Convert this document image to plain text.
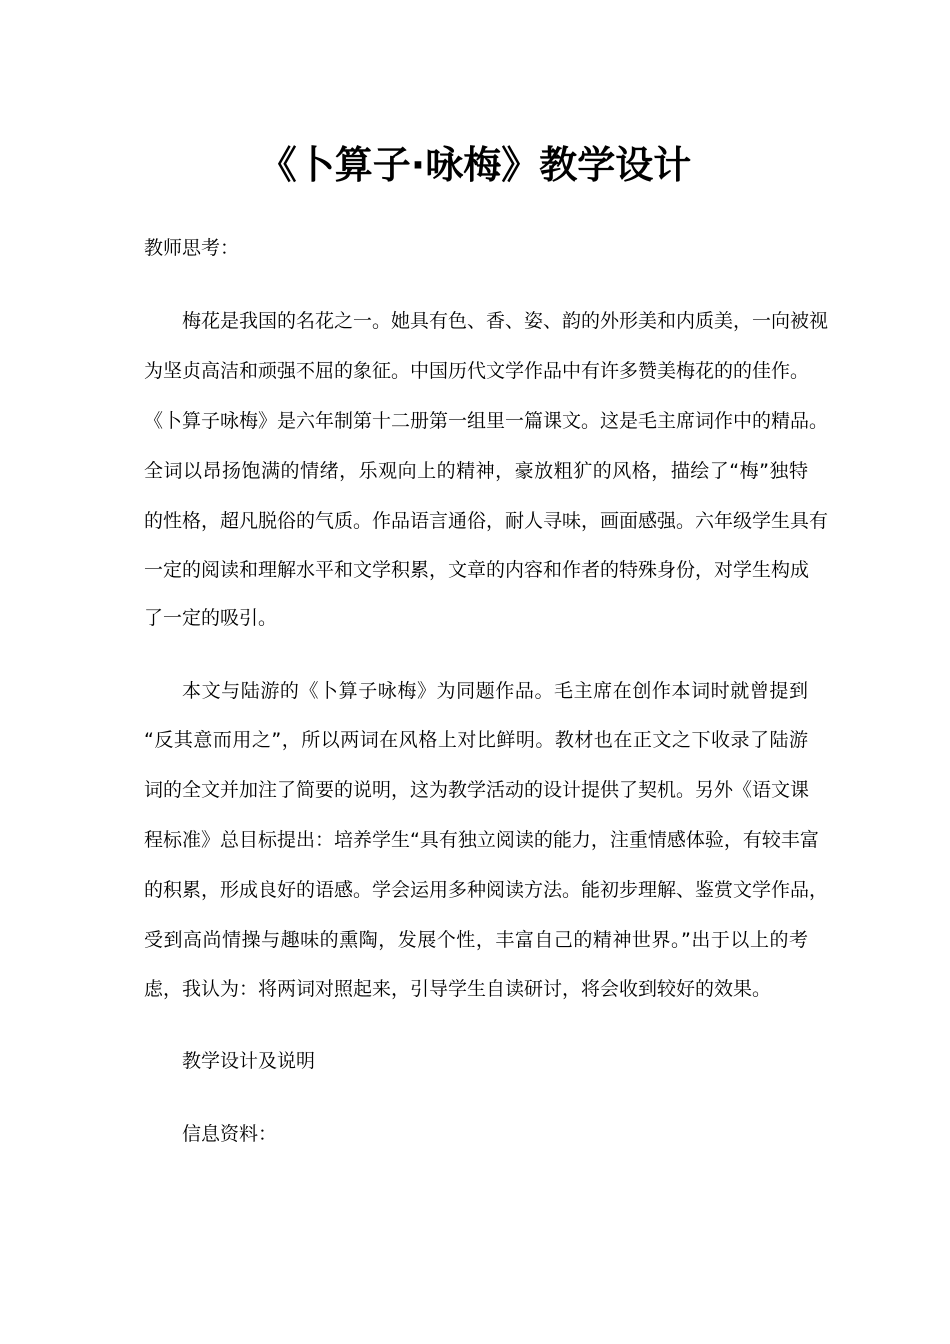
《卜算子·咏梅》教学设计

教师思考：

梅花是我国的名花之一。她具有色、香、姿、韵的外形美和内质美，一向被视

为坚贞高洁和顽强不屈的象征。中国历代文学作品中有许多赞美梅花的的佳作。

《卜算子咏梅》是六年制第十二册第一组里一篇课文。这是毛主席词作中的精品。

全词以昂扬饱满的情绪，乐观向上的精神，豪放粗犷的风格，描绘了“梅”独特

的性格，超凡脱俗的气质。作品语言通俗，耐人寻味，画面感强。六年级学生具有

一定的阅读和理解水平和文学积累，文章的内容和作者的特殊身份，对学生构成

了一定的吸引。

本文与陆游的《卜算子咏梅》为同题作品。毛主席在创作本词时就曾提到

“反其意而用之”，所以两词在风格上对比鲜明。教材也在正文之下收录了陆游

词的全文并加注了简要的说明，这为教学活动的设计提供了契机。另外《语文课

程标准》总目标提出：培养学生“具有独立阅读的能力，注重情感体验，有较丰富

的积累，形成良好的语感。学会运用多种阅读方法。能初步理解、鉴赏文学作品，

受到高尚情操与趣味的熏陶，发展个性，丰富自己的精神世界。”出于以上的考

虑，我认为：将两词对照起来，引导学生自读研讨，将会收到较好的效果。

教学设计及说明

信息资料：
